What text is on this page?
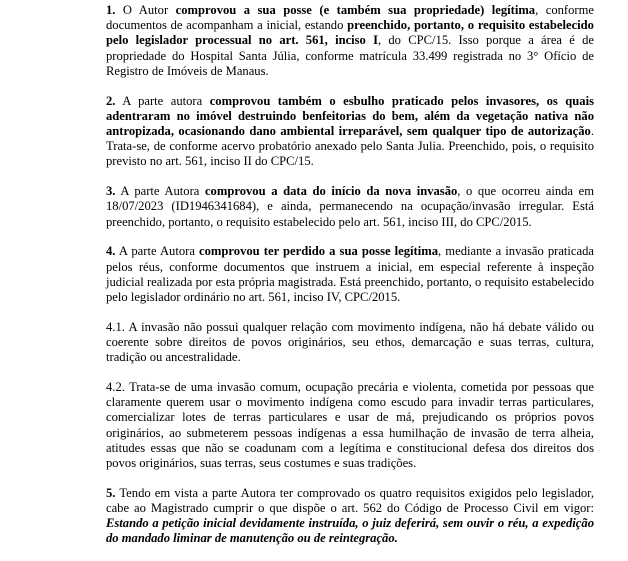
1. O Autor comprovou a sua posse (e também sua propriedade) legítima, conforme documentos de acompanham a inicial, estando preenchido, portanto, o requisito estabelecido pelo legislador processual no art. 561, inciso I, do CPC/15. Isso porque a área é de propriedade do Hospital Santa Júlia, conforme matrícula 33.499 registrada no 3° Ofício de Registro de Imóveis de Manaus.

2. A parte autora comprovou também o esbulho praticado pelos invasores, os quais adentraram no imóvel destruindo benfeitorias do bem, além da vegetação nativa não antropizada, ocasionando dano ambiental irreparável, sem qualquer tipo de autorização. Trata-se, de conforme acervo probatório anexado pelo Santa Julia. Preenchido, pois, o requisito previsto no art. 561, inciso II do CPC/15.

3. A parte Autora comprovou a data do início da nova invasão, o que ocorreu ainda em 18/07/2023 (ID1946341684), e ainda, permanecendo na ocupação/invasão irregular. Está preenchido, portanto, o requisito estabelecido pelo art. 561, inciso III, do CPC/2015.

4. A parte Autora comprovou ter perdido a sua posse legítima, mediante a invasão praticada pelos réus, conforme documentos que instruem a inicial, em especial referente à inspeção judicial realizada por esta própria magistrada. Está preenchido, portanto, o requisito estabelecido pelo legislador ordinário no art. 561, inciso IV, CPC/2015.

4.1. A invasão não possui qualquer relação com movimento indígena, não há debate válido ou coerente sobre direitos de povos originários, seu ethos, demarcação e suas terras, cultura, tradição ou ancestralidade.

4.2. Trata-se de uma invasão comum, ocupação precária e violenta, cometida por pessoas que claramente querem usar o movimento indígena como escudo para invadir terras particulares, comercializar lotes de terras particulares e usar de má, prejudicando os próprios povos originários, ao submeterem pessoas indígenas a essa humilhação de invasão de terra alheia, atitudes essas que não se coadunam com a legítima e constitucional defesa dos direitos dos povos originários, suas terras, seus costumes e suas tradições.

5. Tendo em vista a parte Autora ter comprovado os quatro requisitos exigidos pelo legislador, cabe ao Magistrado cumprir o que dispõe o art. 562 do Código de Processo Civil em vigor: Estando a petição inicial devidamente instruída, o juiz deferirá, sem ouvir o réu, a expedição do mandado liminar de manutenção ou de reintegração.
